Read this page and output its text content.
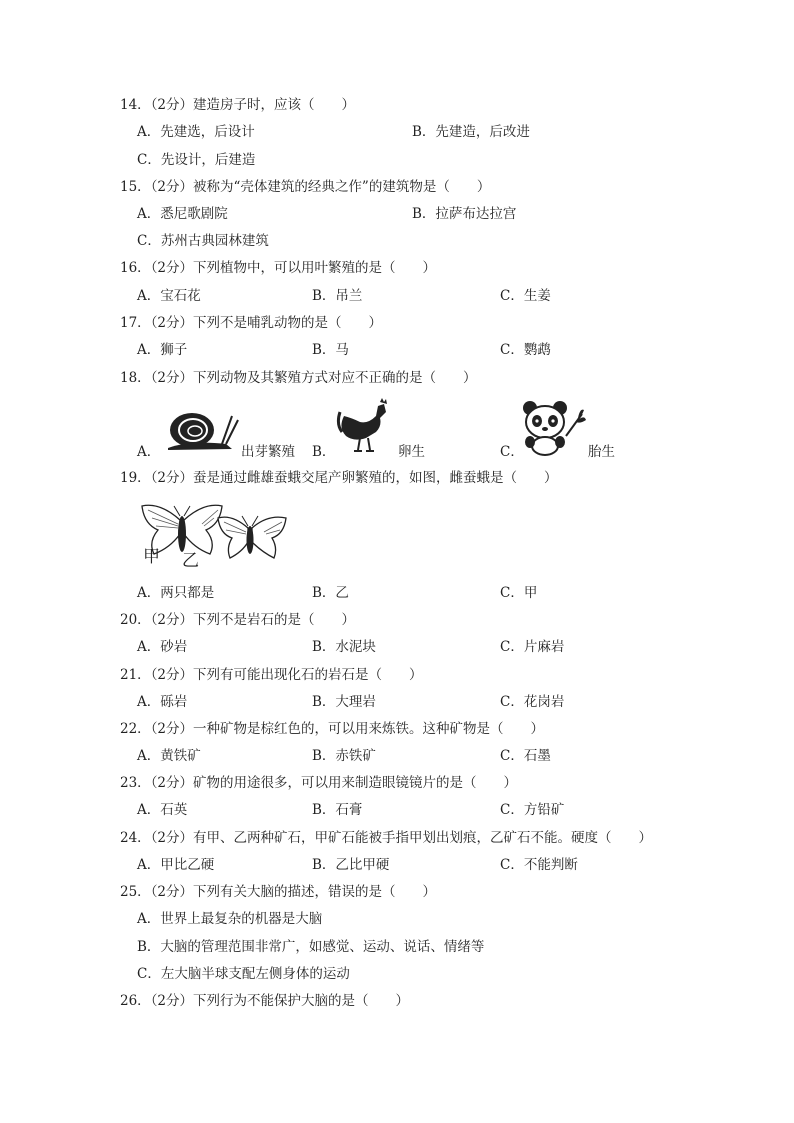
14．（2分）建造房子时，应该（　　）
A．先建选，后设计	B．先建造，后改进
C．先设计，后建造
15．（2分）被称为“壳体建筑的经典之作”的建筑物是（　　）
A．悉尼歌剧院	B．拉萨布达拉宫
C．苏州古典园林建筑
16．（2分）下列植物中，可以用叶繁殖的是（　　）
A．宝石花	B．吊兰	C．生姜
17．（2分）下列不是哺乳动物的是（　　）
A．狮子	B．马	C．鹦鹉
18．（2分）下列动物及其繁殖方式对应不正确的是（　　）
A．	出芽繁殖 B．	卵生	C．	胎生
19．（2分）蚕是通过雌雄蚕蛾交尾产卵繁殖的，如图，雌蚕蛾是（　　）
甲 乙
A．两只都是	B．乙	C．甲
20．（2分）下列不是岩石的是（　　）
A．砂岩	B．水泥块	C．片麻岩
21．（2分）下列有可能出现化石的岩石是（　　）
A．砾岩	B．大理岩	C．花岗岩
22．（2分）一种矿物是棕红色的，可以用来炼铁。这种矿物是（　　）
A．黄铁矿	B．赤铁矿	C．石墨
23．（2分）矿物的用途很多，可以用来制造眼镜镜片的是（　　）
A．石英	B．石膏	C．方铅矿
24．（2分）有甲、乙两种矿石，甲矿石能被手指甲划出划痕，乙矿石不能。硬度（　　）
A．甲比乙硬	B．乙比甲硬	C．不能判断
25．（2分）下列有关大脑的描述，错误的是（　　）
A．世界上最复杂的机器是大脑
B．大脑的管理范围非常广，如感觉、运动、说话、情绪等
C．左大脑半球支配左侧身体的运动
26．（2分）下列行为不能保护大脑的是（　　）
